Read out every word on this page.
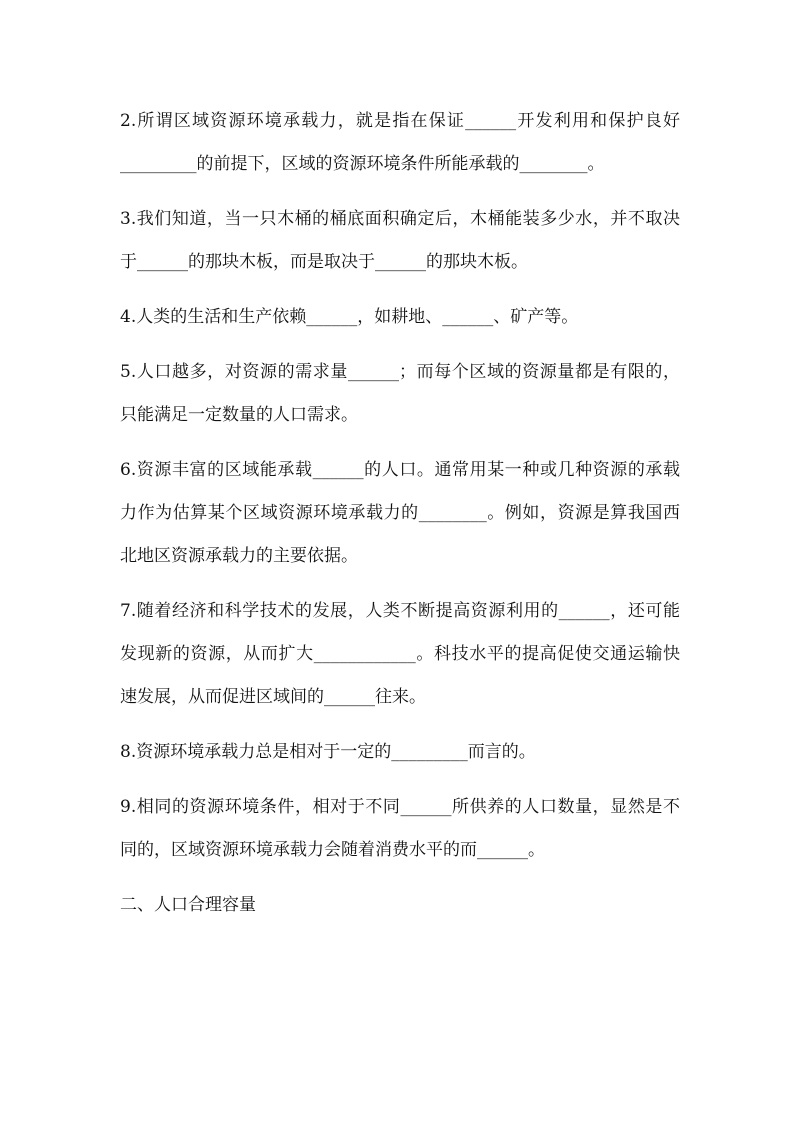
2.所谓区域资源环境承载力，就是指在保证______开发利用和保护良好_________的前提下，区域的资源环境条件所能承载的________。

3.我们知道，当一只木桶的桶底面积确定后，木桶能装多少水，并不取决于______的那块木板，而是取决于______的那块木板。

4.人类的生活和生产依赖______，如耕地、______、矿产等。

5.人口越多，对资源的需求量______；而每个区域的资源量都是有限的，只能满足一定数量的人口需求。

6.资源丰富的区域能承载______的人口。通常用某一种或几种资源的承载力作为估算某个区域资源环境承载力的________。例如，资源是算我国西北地区资源承载力的主要依据。

7.随着经济和科学技术的发展，人类不断提高资源利用的______，还可能发现新的资源，从而扩大____________。科技水平的提高促使交通运输快速发展，从而促进区域间的______往来。

8.资源环境承载力总是相对于一定的_________而言的。

9.相同的资源环境条件，相对于不同______所供养的人口数量，显然是不同的，区域资源环境承载力会随着消费水平的而______。

二、人口合理容量
